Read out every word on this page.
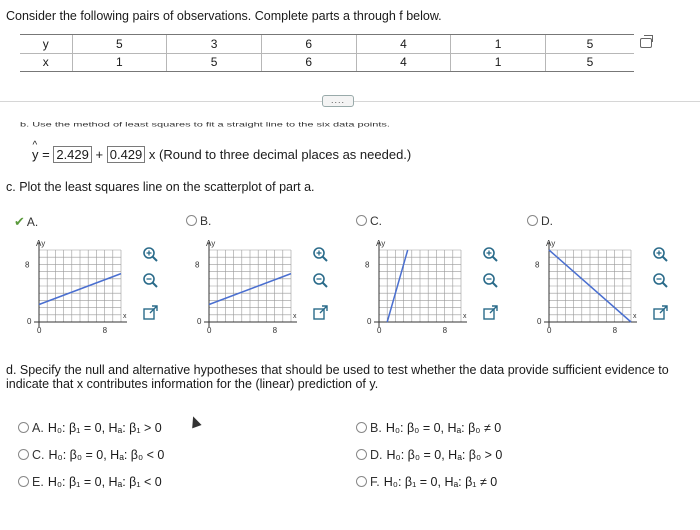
Consider the following pairs of observations. Complete parts a through f below.
y	5	3	6	4	1	5
x	1	5	6	4	1	5
....
b. Use the method of least squares to fit a straight line to the six data points.
^ y = 2.429 + 0.429 x (Round to three decimal places as needed.)
c. Plot the least squares line on the scatterplot of part a.
✔ A.	B.	C.	D.
Ay
8
0
0	8
x
Ay
8
0
0	8
x
Ay
8
0
0	8
x
Ay
8
0
0	8
x
d. Specify the null and alternative hypotheses that should be used to test whether the data provide sufficient evidence to indicate that x contributes information for the (linear) prediction of y.
A. H₀: β₁ = 0, Hₐ: β₁ > 0
C. H₀: β₀ = 0, Hₐ: β₀ < 0
E. H₀: β₁ = 0, Hₐ: β₁ < 0
B. H₀: β₀ = 0, Hₐ: β₀ ≠ 0
D. H₀: β₀ = 0, Hₐ: β₀ > 0
F. H₀: β₁ = 0, Hₐ: β₁ ≠ 0
